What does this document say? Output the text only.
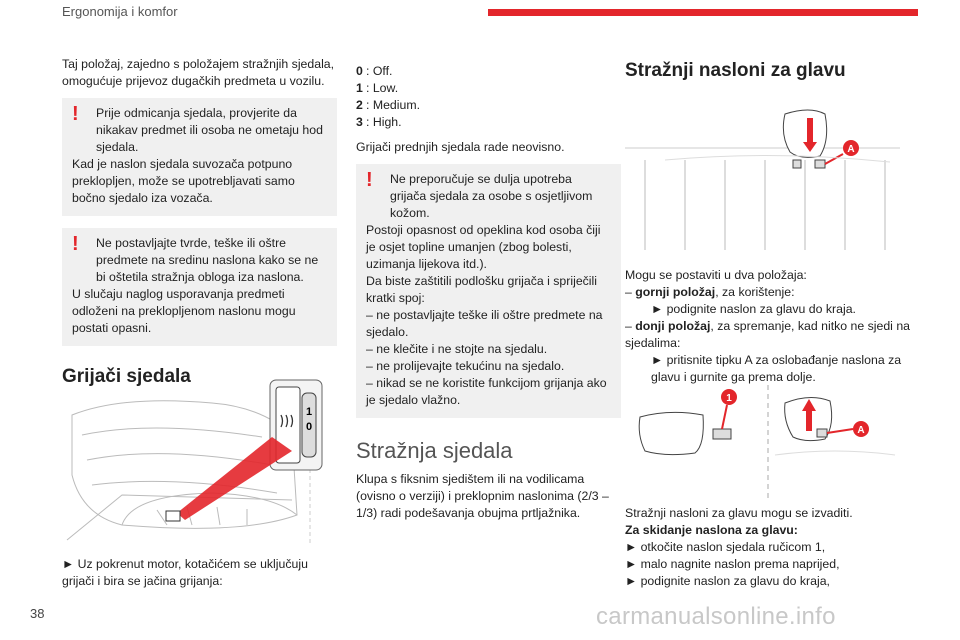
Ergonomija i komfor

Taj položaj, zajedno s položajem stražnjih sjedala, omogućuje prijevoz dugačkih predmeta u vozilu.

!	Prije odmicanja sjedala, provjerite da nikakav predmet ili osoba ne ometaju hod sjedala.

Kad je naslon sjedala suvozača potpuno preklopljen, može se upotrebljavati samo bočno sjedalo iza vozača.

!	Ne postavljajte tvrde, teške ili oštre predmete na sredinu naslona kako se ne bi oštetila stražnja obloga iza naslona.

U slučaju naglog usporavanja predmeti odloženi na preklopljenom naslonu mogu postati opasni.

Grijači sjedala
1
0
► Uz pokrenut motor, kotačićem se uključuju grijači i bira se jačina grijanja:

0 : Off.

1 : Low.

2 : Medium.

3 : High.

Grijači prednjih sjedala rade neovisno.

!	Ne preporučuje se dulja upotreba grijača sjedala za osobe s osjetljivom kožom.

Postoji opasnost od opeklina kod osoba čiji je osjet topline umanjen (zbog bolesti, uzimanja lijekova itd.).

Da biste zaštitili podlošku grijača i spriječili kratki spoj:

– ne postavljajte teške ili oštre predmete na sjedalo.

– ne klečite i ne stojte na sjedalu.

– ne prolijevajte tekućinu na sjedalo.

– nikad se ne koristite funkcijom grijanja ako je sjedalo vlažno.

Stražnja sjedala

Klupa s fiksnim sjedištem ili na vodilicama (ovisno o verziji) i preklopnim naslonima (2/3 – 1/3) radi podešavanja obujma prtljažnika.

Stražnji nasloni za glavu
A

Mogu se postaviti u dva položaja:

– gornji položaj, za korištenje:

► podignite naslon za glavu do kraja.

– donji položaj, za spremanje, kad nitko ne sjedi na sjedalima:

► pritisnite tipku A za oslobađanje naslona za glavu i gurnite ga prema dolje.

1
A

Stražnji nasloni za glavu mogu se izvaditi.

Za skidanje naslona za glavu:

► otkočite naslon sjedala ručicom 1,

► malo nagnite naslon prema naprijed,

► podignite naslon za glavu do kraja,

38	carmanualsonline.info
